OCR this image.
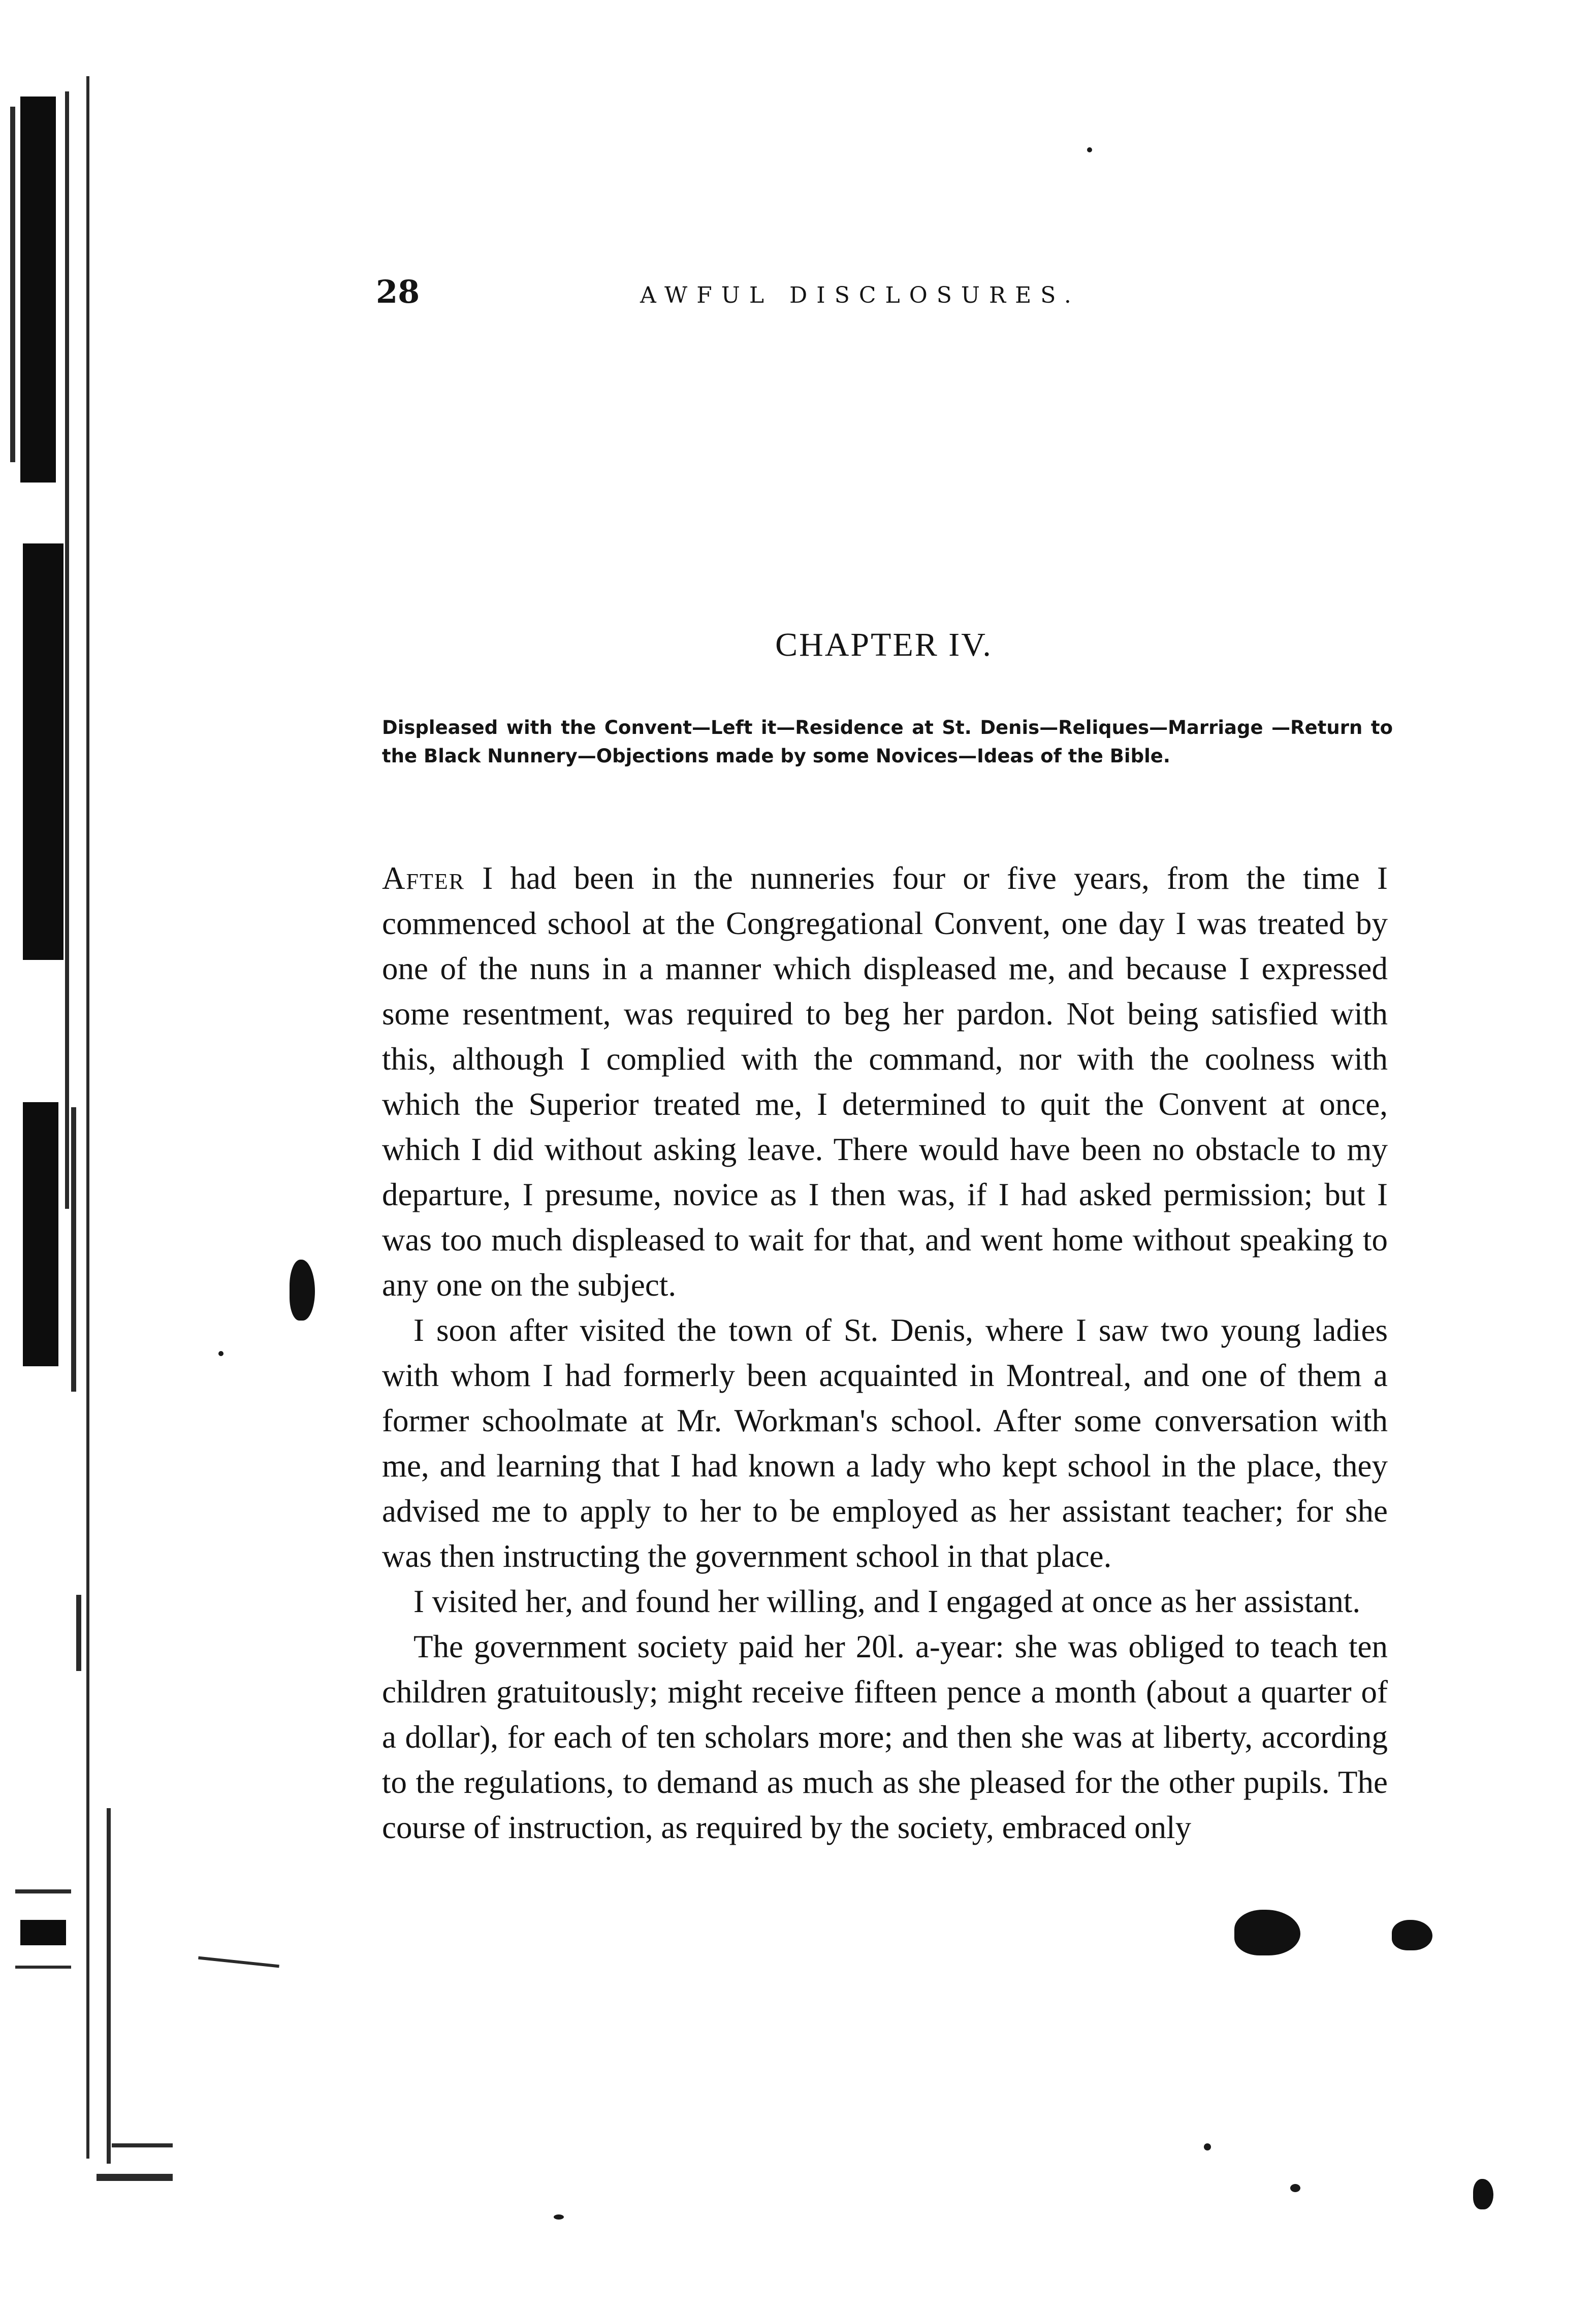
28	AWFUL DISCLOSURES.
CHAPTER IV.
Displeased with the Convent—Left it—Residence at St. Denis—Reliques—Marriage —Return to the Black Nunnery—Objections made by some Novices—Ideas of the Bible.

After I had been in the nunneries four or five years, from the time I commenced school at the Congregational Convent, one day I was treated by one of the nuns in a manner which displeased me, and because I expressed some resentment, was required to beg her pardon. Not being satisfied with this, although I complied with the command, nor with the coolness with which the Superior treated me, I determined to quit the Convent at once, which I did without asking leave. There would have been no obstacle to my departure, I presume, novice as I then was, if I had asked permission; but I was too much displeased to wait for that, and went home without speaking to any one on the subject.

I soon after visited the town of St. Denis, where I saw two young ladies with whom I had formerly been acquainted in Montreal, and one of them a former schoolmate at Mr. Workman's school. After some conversation with me, and learning that I had known a lady who kept school in the place, they advised me to apply to her to be employed as her assistant teacher; for she was then instructing the government school in that place.

I visited her, and found her willing, and I engaged at once as her assistant.

The government society paid her 20l. a-year: she was obliged to teach ten children gratuitously; might receive fifteen pence a month (about a quarter of a dollar), for each of ten scholars more; and then she was at liberty, according to the regulations, to demand as much as she pleased for the other pupils. The course of instruction, as required by the society, embraced only
